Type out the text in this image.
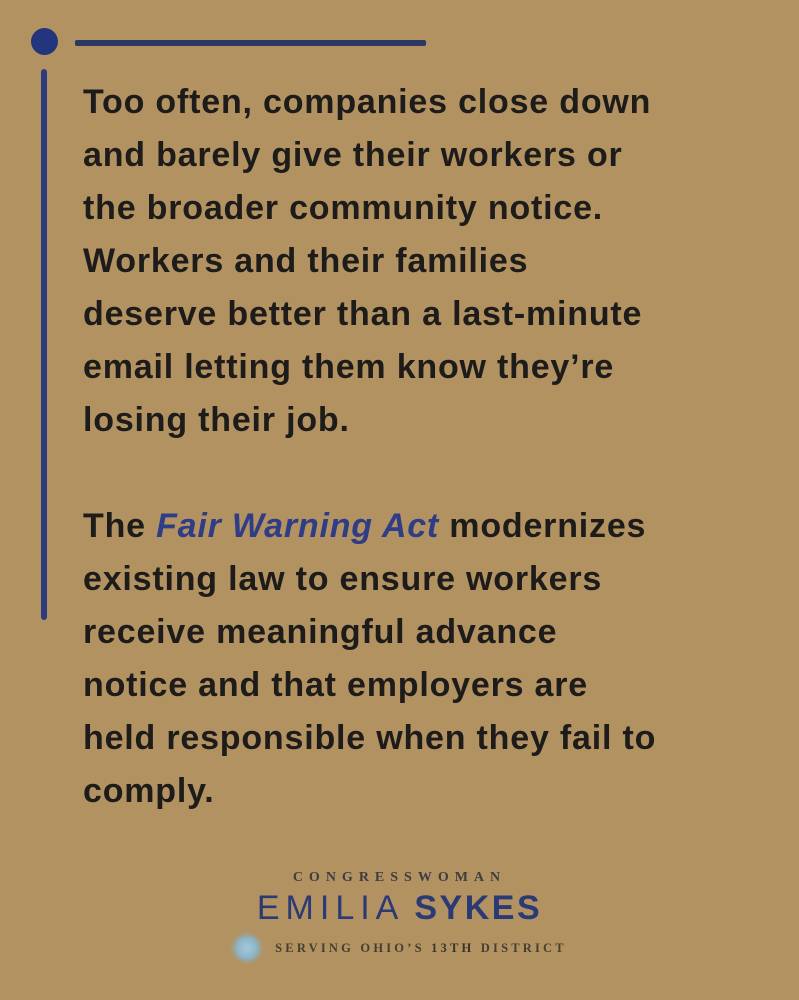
Too often, companies close down
and barely give their workers or
the broader community notice.
Workers and their families
deserve better than a last-minute
email letting them know they’re
losing their job.
The Fair Warning Act modernizes
existing law to ensure workers
receive meaningful advance
notice and that employers are
held responsible when they fail to
comply.
CONGRESSWOMAN
EMILIA SYKES
SERVING OHIO’S 13TH DISTRICT
